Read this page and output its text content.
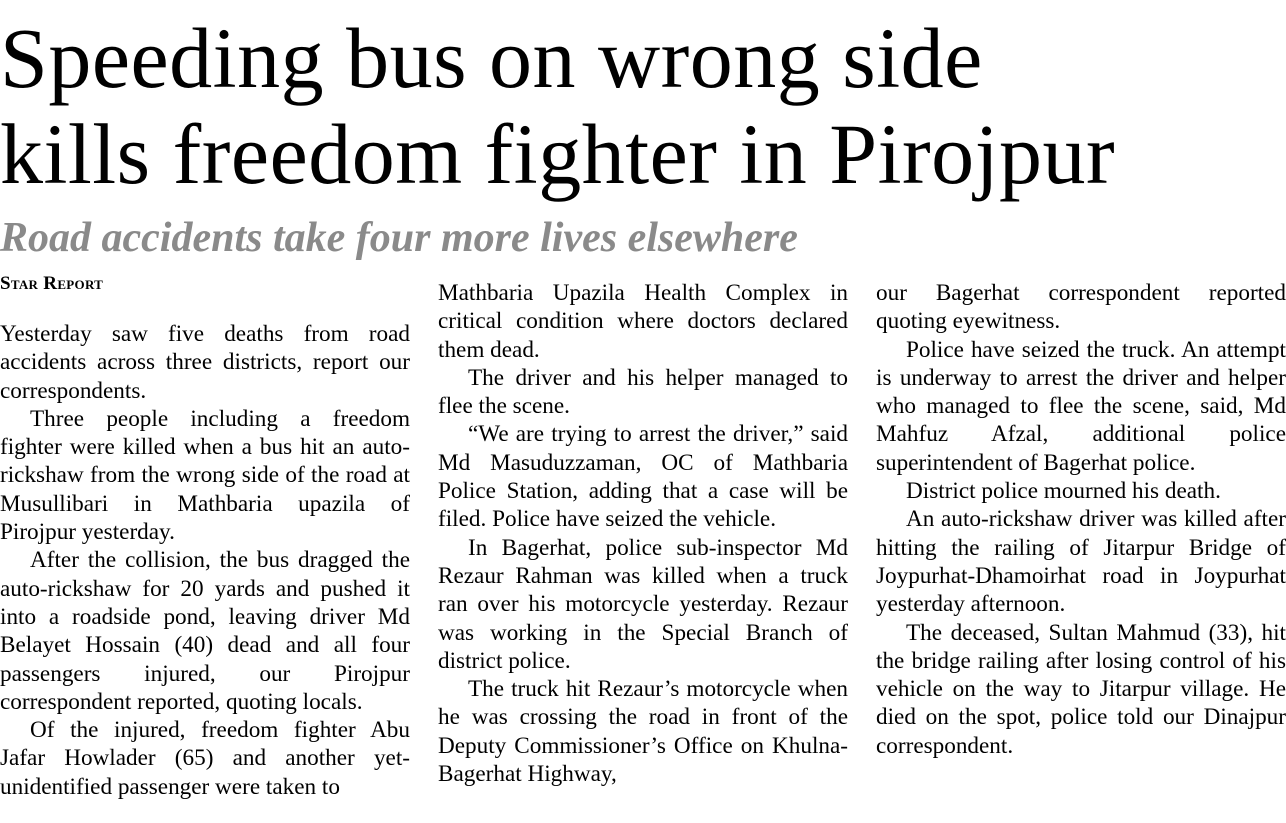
Speeding bus on wrong side
kills freedom fighter in Pirojpur
Road accidents take four more lives elsewhere
Star Report

Yesterday saw five deaths from road accidents across three districts, report our correspondents.

Three people including a freedom fighter were killed when a bus hit an auto-rickshaw from the wrong side of the road at Musullibari in Mathbaria upazila of Pirojpur yesterday.

After the collision, the bus dragged the auto-rickshaw for 20 yards and pushed it into a roadside pond, leaving driver Md Belayet Hossain (40) dead and all four passengers injured, our Pirojpur correspondent reported, quoting locals.

Of the injured, freedom fighter Abu Jafar Howlader (65) and another yet-unidentified passenger were taken to

Mathbaria Upazila Health Complex in critical condition where doctors declared them dead.

The driver and his helper managed to flee the scene.

“We are trying to arrest the driver,” said Md Masuduzzaman, OC of Mathbaria Police Station, adding that a case will be filed. Police have seized the vehicle.

In Bagerhat, police sub-inspector Md Rezaur Rahman was killed when a truck ran over his motorcycle yesterday. Rezaur was working in the Special Branch of district police.

The truck hit Rezaur’s motorcycle when he was crossing the road in front of the Deputy Commissioner’s Office on Khulna-Bagerhat Highway,

our Bagerhat correspondent reported quoting eyewitness.

Police have seized the truck. An attempt is underway to arrest the driver and helper who managed to flee the scene, said, Md Mahfuz Afzal, additional police superintendent of Bagerhat police.

District police mourned his death.

An auto-rickshaw driver was killed after hitting the railing of Jitarpur Bridge of Joypurhat-Dhamoirhat road in Joypurhat yesterday afternoon.

The deceased, Sultan Mahmud (33), hit the bridge railing after losing control of his vehicle on the way to Jitarpur village. He died on the spot, police told our Dinajpur correspondent.
